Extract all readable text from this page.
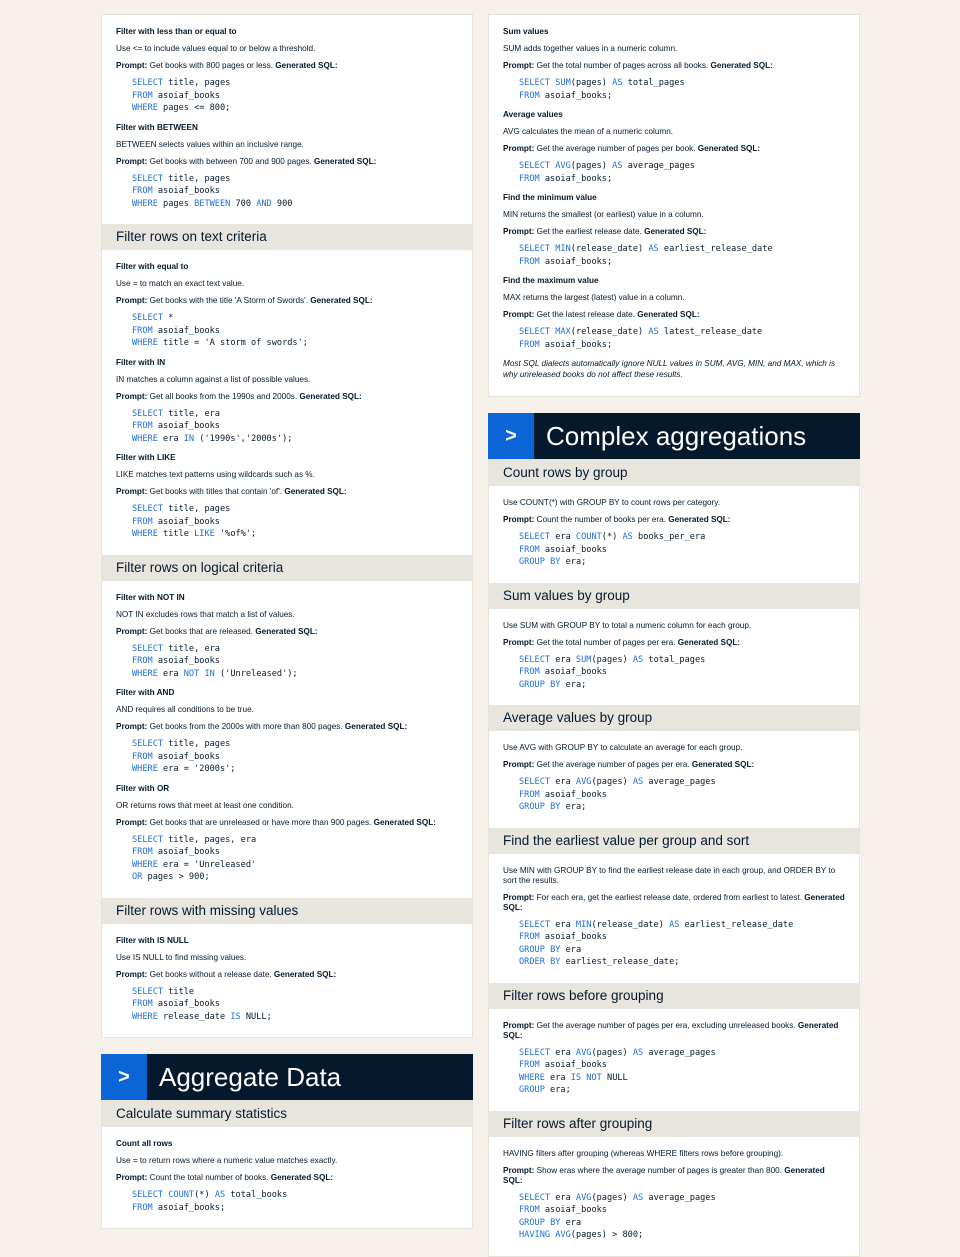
Filter with less than or equal to
Use <= to include values equal to or below a threshold.
Prompt: Get books with 800 pages or less. Generated SQL:
SELECT title, pages
FROM asoiaf_books
WHERE pages <= 800;
Filter with BETWEEN
BETWEEN selects values within an inclusive range.
Prompt: Get books with between 700 and 900 pages. Generated SQL:
SELECT title, pages
FROM asoiaf_books
WHERE pages BETWEEN 700 AND 900
Filter rows on text criteria
Filter with equal to
Use = to match an exact text value.
Prompt: Get books with the title 'A Storm of Swords'. Generated SQL:
SELECT *
FROM asoiaf_books
WHERE title = 'A storm of swords';
Filter with IN
IN matches a column against a list of possible values.
Prompt: Get all books from the 1990s and 2000s. Generated SQL:
SELECT title, era
FROM asoiaf_books
WHERE era IN ('1990s','2000s');
Filter with LIKE
LIKE matches text patterns using wildcards such as %.
Prompt: Get books with titles that contain 'of'. Generated SQL:
SELECT title, pages
FROM asoiaf_books
WHERE title LIKE '%of%';
Filter rows on logical criteria
Filter with NOT IN
NOT IN excludes rows that match a list of values.
Prompt: Get books that are released. Generated SQL:
SELECT title, era
FROM asoiaf_books
WHERE era NOT IN ('Unreleased');
Filter with AND
AND requires all conditions to be true.
Prompt: Get books from the 2000s with more than 800 pages. Generated SQL:
SELECT title, pages
FROM asoiaf_books
WHERE era = '2000s';
Filter with OR
OR returns rows that meet at least one condition.
Prompt: Get books that are unreleased or have more than 900 pages. Generated SQL:
SELECT title, pages, era
FROM asoiaf_books
WHERE era = 'Unreleased'
OR pages > 900;
Filter rows with missing values
Filter with IS NULL
Use IS NULL to find missing values.
Prompt: Get books without a release date. Generated SQL:
SELECT title
FROM asoiaf_books
WHERE release_date IS NULL;
>	Aggregate Data
Calculate summary statistics
Count all rows
Use = to return rows where a numeric value matches exactly.
Prompt: Count the total number of books. Generated SQL:
SELECT COUNT(*) AS total_books
FROM asoiaf_books;
Sum values
SUM adds together values in a numeric column.
Prompt: Get the total number of pages across all books. Generated SQL:
SELECT SUM(pages) AS total_pages
FROM asoiaf_books;
Average values
AVG calculates the mean of a numeric column.
Prompt: Get the average number of pages per book. Generated SQL:
SELECT AVG(pages) AS average_pages
FROM asoiaf_books;
Find the minimum value
MIN returns the smallest (or earliest) value in a column.
Prompt: Get the earliest release date. Generated SQL:
SELECT MIN(release_date) AS earliest_release_date
FROM asoiaf_books;
Find the maximum value
MAX returns the largest (latest) value in a column.
Prompt: Get the latest release date. Generated SQL:
SELECT MAX(release_date) AS latest_release_date
FROM asoiaf_books;
Most SQL dialects automatically ignore NULL values in SUM, AVG, MIN, and MAX, which is why unreleased books do not affect these results.
>	Complex aggregations
Count rows by group
Use COUNT(*) with GROUP BY to count rows per category.
Prompt: Count the number of books per era. Generated SQL:
SELECT era COUNT(*) AS books_per_era
FROM asoiaf_books
GROUP BY era;
Sum values by group
Use SUM with GROUP BY to total a numeric column for each group.
Prompt: Get the total number of pages per era. Generated SQL:
SELECT era SUM(pages) AS total_pages
FROM asoiaf_books
GROUP BY era;
Average values by group
Use AVG with GROUP BY to calculate an average for each group.
Prompt: Get the average number of pages per era. Generated SQL:
SELECT era AVG(pages) AS average_pages
FROM asoiaf_books
GROUP BY era;
Find the earliest value per group and sort
Use MIN with GROUP BY to find the earliest release date in each group, and ORDER BY to sort the results.
Prompt: For each era, get the earliest release date, ordered from earliest to latest. Generated SQL:
SELECT era MIN(release_date) AS earliest_release_date
FROM asoiaf_books
GROUP BY era
ORDER BY earliest_release_date;
Filter rows before grouping
Prompt: Get the average number of pages per era, excluding unreleased books. Generated SQL:
SELECT era AVG(pages) AS average_pages
FROM asoiaf_books
WHERE era IS NOT NULL
GROUP era;
Filter rows after grouping
HAVING filters after grouping (whereas WHERE filters rows before grouping).
Prompt: Show eras where the average number of pages is greater than 800. Generated SQL:
SELECT era AVG(pages) AS average_pages
FROM asoiaf_books
GROUP BY era
HAVING AVG(pages) > 800;
